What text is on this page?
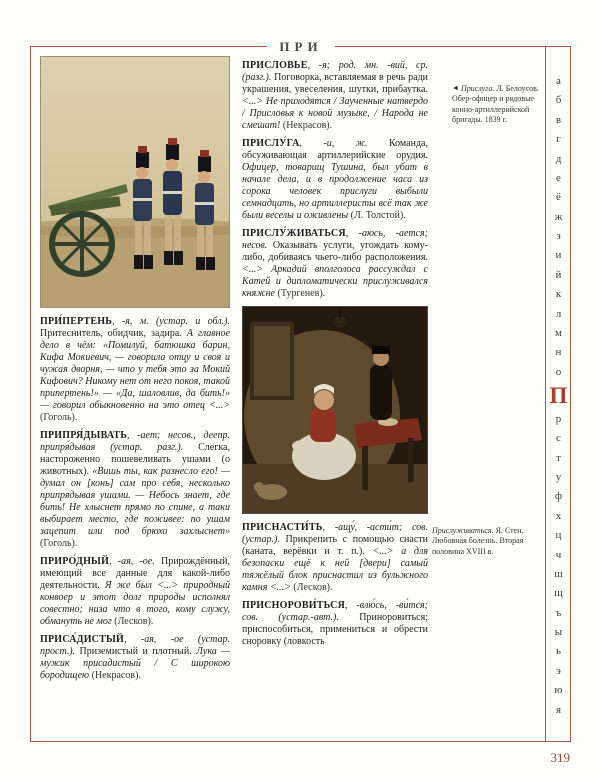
ПРИ
ПРИ́ПЕРТЕНЬ, -я, м. (устар. и обл.). Притеснитель, обидчик, задира. А главное дело в чём: «Помилуй, батюшка барин, Кифа Мокиевич, — говорила отцу и своя и чужая дворня, — что у тебя это за Мокий Кифович? Никому нет от него покоя, такой припертень!» — «Да, шаловлив, да бить!» — говорил обыкновенно на это отец <...> (Гоголь).
ПРИПРЯ́ДЫВАТЬ, -ает; несов., деепр. припря́дывая (устар. разг.). Слегка, настороженно пошевеливать ушами (о животных). «Вишь ты, как разнесло его! — думал он [конь] сам про себя, несколько припрядывая ушами. — Небось знает, где бить! Не хлыснет прямо по спине, а таки выбирает место, где поживее: по ушам зацепит или под брюхо захлыснет» (Гоголь).
ПРИРО́ДНЫЙ, -ая, -ое. Прирождённый, имеющий все данные для какой-либо деятельности. Я же был <...> природный конвоер и этот долг природы исполнял совестно; низа что в того, кому служу, обмануть не мог (Лесков).
ПРИСА́ДИСТЫЙ, -ая, -ое (устар. прост.). Приземистый и плотный. Лука — мужик присадистый / С широкою бородищею (Некрасов).
ПРИСЛО́ВЬЕ, -я; род. мн. -вий, ср. (разг.). Поговорка, вставляемая в речь ради украшения, увеселения, шутки, прибаутка. <...> Не приходятся / Заученные натвердо / Присловья к новой музыке, / Народа не смешат! (Некрасов).
ПРИСЛУ́ГА, -и, ж. Команда, обсуживающая артиллерийские орудия. Офицер, товарищ Тушина, был убит в начале дела, и в продолжение часа из сорока человек прислуги выбыли семнадцать, но артиллеристы всё так же были веселы и оживлены (Л. Толстой).
ПРИСЛУ́ЖИВАТЬСЯ, -аюсь, -ается; несов. Оказывать услуги, угождать кому-либо, добиваясь чьего-либо расположения. <...> Аркадий вполголоса рассуждал с Катей и дипломатически прислуживался княжне (Тургенев).
ПРИСНАСТИ́ТЬ, -ащу́, -асти́т; сов. (устар.). Прикрепить с помощью снасти (каната, верёвки и т. п.). <...> а для безопаски ещё к ней [двери] самый тяжёлый блок приснастил из бульжного камня <...> (Лесков).
ПРИСНОРОВИ́ТЬСЯ, -влю́сь, -ви́тся; сов. (устар.-авт.). Приноровиться; приспособиться, примениться и обрести сноровку (ловкость
◄ Прислуга. Л. Белоусов. Обер-офицер и рядовые конно-артиллерийской бригады. 1839 г.
Прислуживаться. Я. Стен. Любовная болезнь. Вторая половина XVIII в.
а
б
в
г
д
е
ё
ж
з
и
й
к
л
м
н
о
П
р
с
т
у
ф
х
ц
ч
ш
щ
ъ
ы
ь
э
ю
я
319
